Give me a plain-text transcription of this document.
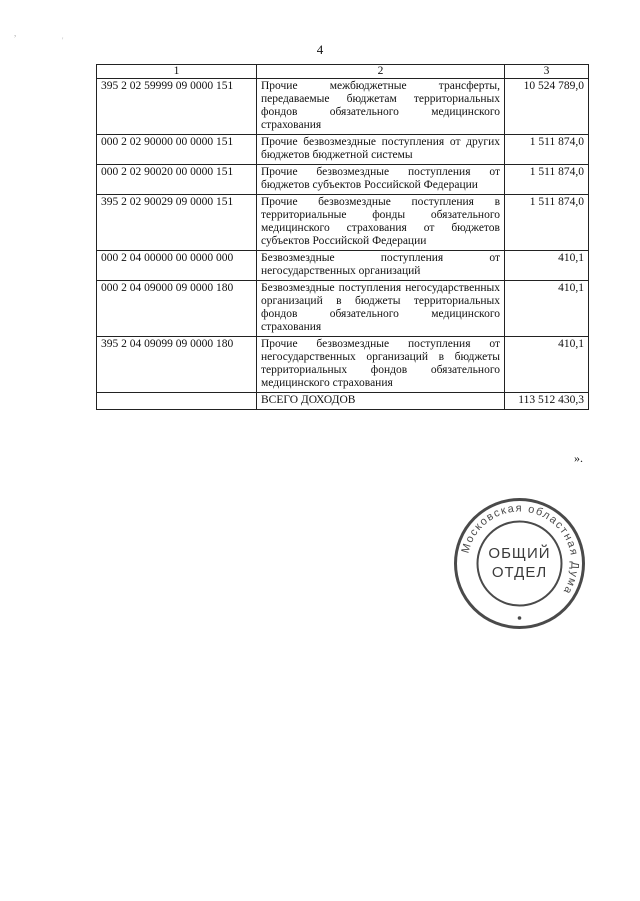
,
'
4
1	2	3
395 2 02 59999 09 0000 151	Прочие межбюджетные трансферты, передаваемые бюджетам территориальных фондов обязательного медицинского страхования	10 524 789,0
000 2 02 90000 00 0000 151	Прочие безвозмездные поступления от других бюджетов бюджетной системы	1 511 874,0
000 2 02 90020 00 0000 151	Прочие безвозмездные поступления от бюджетов субъектов Российской Федерации	1 511 874,0
395 2 02 90029 09 0000 151	Прочие безвозмездные поступления в территориальные фонды обязательного медицинского страхования от бюджетов субъектов Российской Федерации	1 511 874,0
000 2 04 00000 00 0000 000	Безвозмездные поступления от негосударственных организаций	410,1
000 2 04 09000 09 0000 180	Безвозмездные поступления негосударственных организаций в бюджеты территориальных фондов обязательного медицинского страхования	410,1
395 2 04 09099 09 0000 180	Прочие безвозмездные поступления от негосударственных организаций в бюджеты территориальных фондов обязательного медицинского страхования	410,1
	ВСЕГО ДОХОДОВ	113 512 430,3
».
Московская областная Дума
ОБЩИЙ
ОТДЕЛ
